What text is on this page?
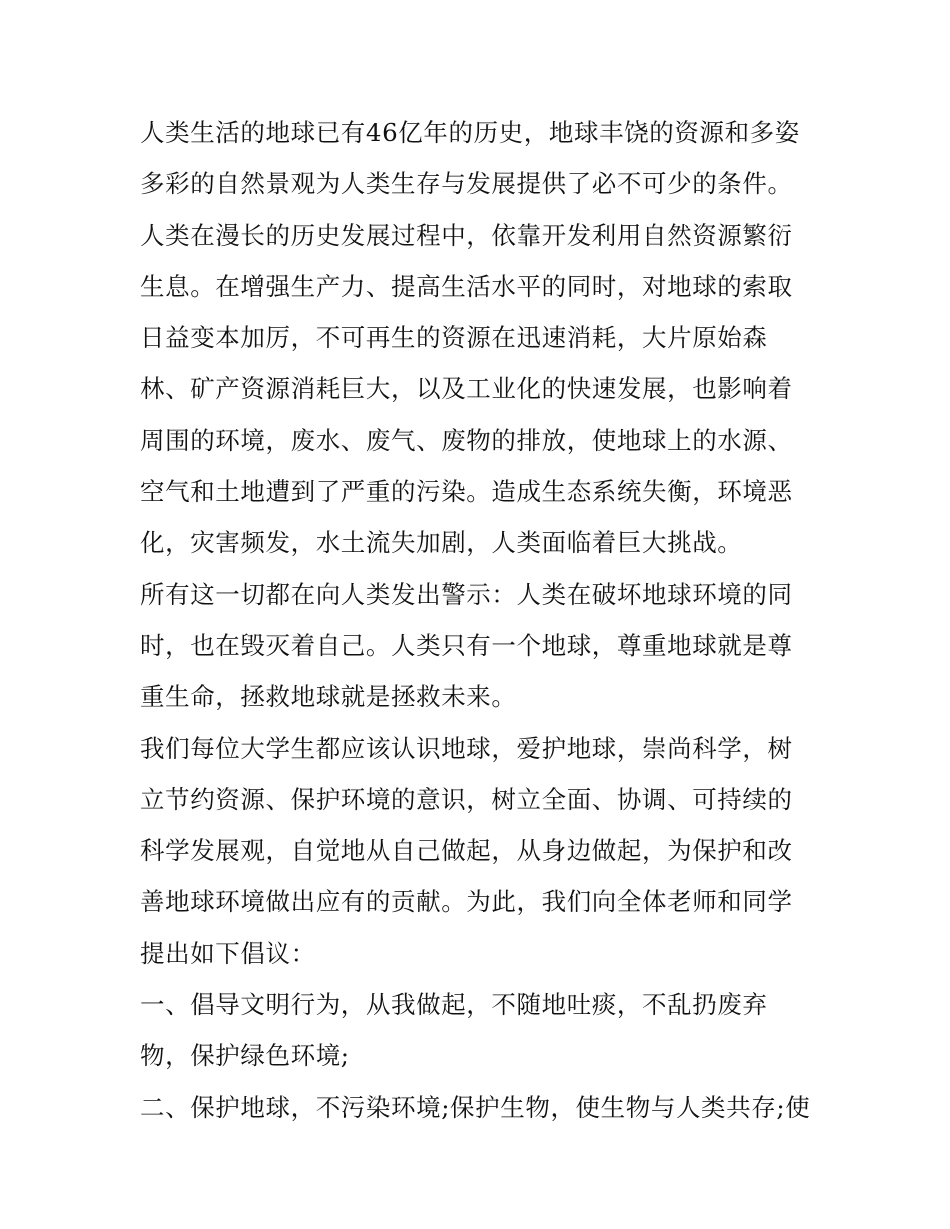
人类生活的地球已有46亿年的历史，地球丰饶的资源和多姿多彩的自然景观为人类生存与发展提供了必不可少的条件。人类在漫长的历史发展过程中，依靠开发利用自然资源繁衍生息。在增强生产力、提高生活水平的同时，对地球的索取日益变本加厉，不可再生的资源在迅速消耗，大片原始森林、矿产资源消耗巨大，以及工业化的快速发展，也影响着周围的环境，废水、废气、废物的排放，使地球上的水源、空气和土地遭到了严重的污染。造成生态系统失衡，环境恶化，灾害频发，水土流失加剧，人类面临着巨大挑战。

所有这一切都在向人类发出警示：人类在破坏地球环境的同时，也在毁灭着自己。人类只有一个地球，尊重地球就是尊重生命，拯救地球就是拯救未来。

我们每位大学生都应该认识地球，爱护地球，崇尚科学，树立节约资源、保护环境的意识，树立全面、协调、可持续的科学发展观，自觉地从自己做起，从身边做起，为保护和改善地球环境做出应有的贡献。为此，我们向全体老师和同学提出如下倡议：

一、倡导文明行为，从我做起，不随地吐痰，不乱扔废弃物，保护绿色环境;

二、保护地球，不污染环境;保护生物，使生物与人类共存;使
